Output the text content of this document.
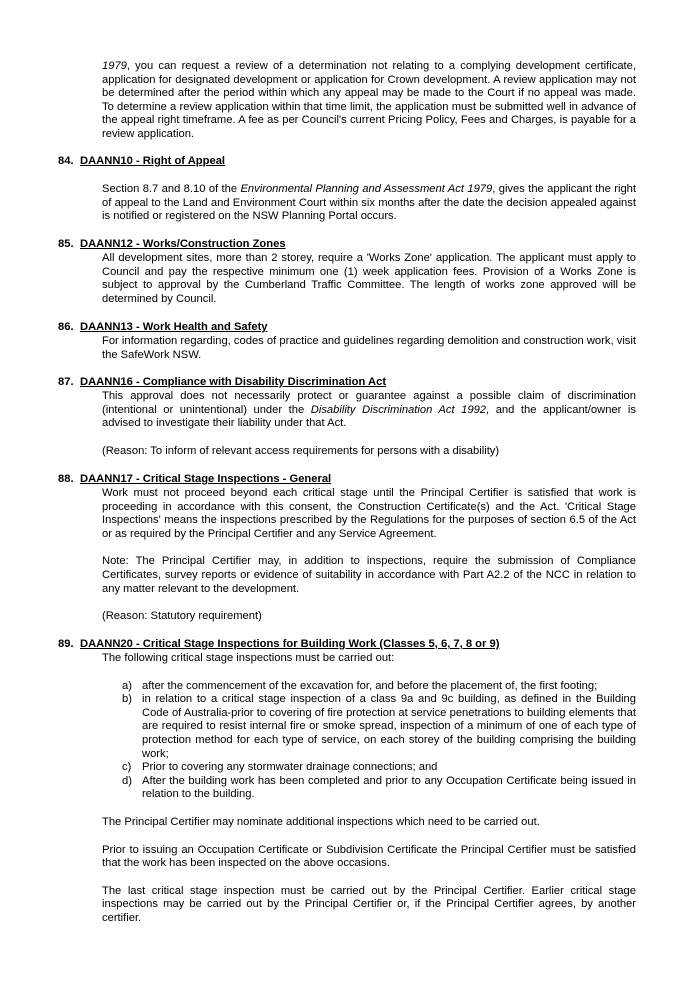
1979, you can request a review of a determination not relating to a complying development certificate, application for designated development or application for Crown development. A review application may not be determined after the period within which any appeal may be made to the Court if no appeal was made. To determine a review application within that time limit, the application must be submitted well in advance of the appeal right timeframe. A fee as per Council's current Pricing Policy, Fees and Charges, is payable for a review application.

84. DAANN10 - Right of Appeal

Section 8.7 and 8.10 of the Environmental Planning and Assessment Act 1979, gives the applicant the right of appeal to the Land and Environment Court within six months after the date the decision appealed against is notified or registered on the NSW Planning Portal occurs.

85. DAANN12 - Works/Construction Zones

All development sites, more than 2 storey, require a 'Works Zone' application. The applicant must apply to Council and pay the respective minimum one (1) week application fees. Provision of a Works Zone is subject to approval by the Cumberland Traffic Committee. The length of works zone approved will be determined by Council.

86. DAANN13 - Work Health and Safety

For information regarding, codes of practice and guidelines regarding demolition and construction work, visit the SafeWork NSW.

87. DAANN16 - Compliance with Disability Discrimination Act

This approval does not necessarily protect or guarantee against a possible claim of discrimination (intentional or unintentional) under the Disability Discrimination Act 1992, and the applicant/owner is advised to investigate their liability under that Act.

(Reason: To inform of relevant access requirements for persons with a disability)

88. DAANN17 - Critical Stage Inspections - General

Work must not proceed beyond each critical stage until the Principal Certifier is satisfied that work is proceeding in accordance with this consent, the Construction Certificate(s) and the Act. 'Critical Stage Inspections' means the inspections prescribed by the Regulations for the purposes of section 6.5 of the Act or as required by the Principal Certifier and any Service Agreement.

Note: The Principal Certifier may, in addition to inspections, require the submission of Compliance Certificates, survey reports or evidence of suitability in accordance with Part A2.2 of the NCC in relation to any matter relevant to the development.

(Reason: Statutory requirement)

89. DAANN20 - Critical Stage Inspections for Building Work (Classes 5, 6, 7, 8 or 9)

The following critical stage inspections must be carried out:

a) after the commencement of the excavation for, and before the placement of, the first footing;
b) in relation to a critical stage inspection of a class 9a and 9c building, as defined in the Building Code of Australia-prior to covering of fire protection at service penetrations to building elements that are required to resist internal fire or smoke spread, inspection of a minimum of one of each type of protection method for each type of service, on each storey of the building comprising the building work;
c) Prior to covering any stormwater drainage connections; and
d) After the building work has been completed and prior to any Occupation Certificate being issued in relation to the building.

The Principal Certifier may nominate additional inspections which need to be carried out.

Prior to issuing an Occupation Certificate or Subdivision Certificate the Principal Certifier must be satisfied that the work has been inspected on the above occasions.

The last critical stage inspection must be carried out by the Principal Certifier. Earlier critical stage inspections may be carried out by the Principal Certifier or, if the Principal Certifier agrees, by another certifier.
